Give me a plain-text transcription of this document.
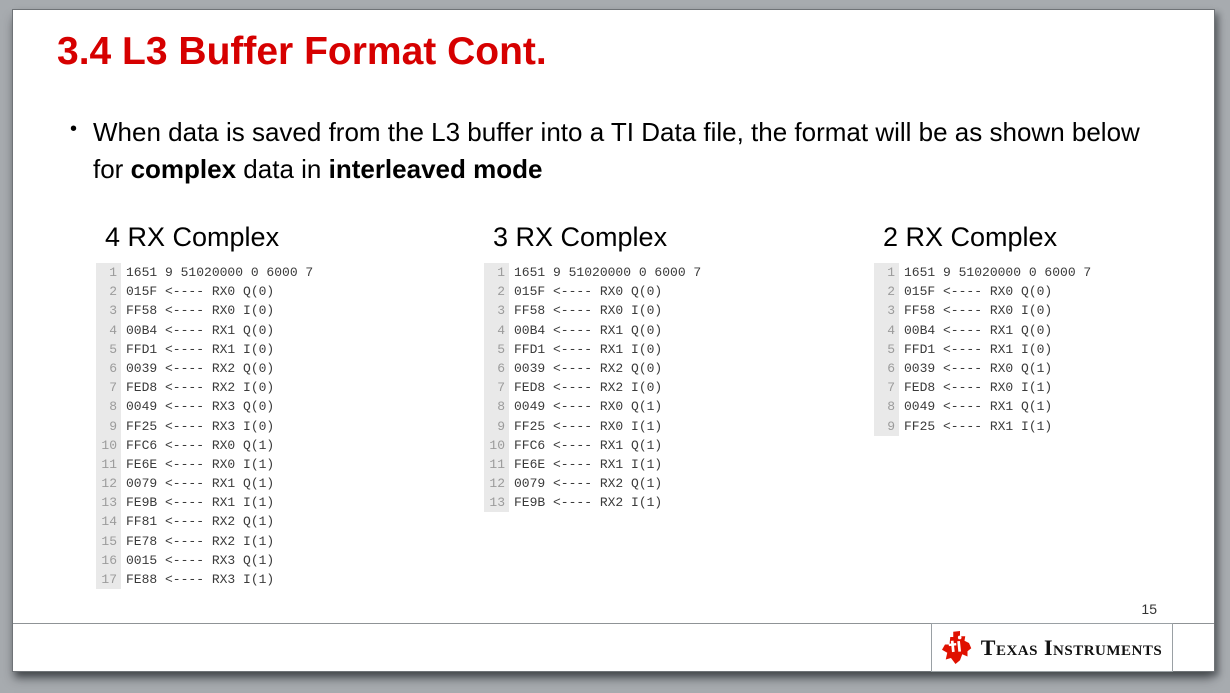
3.4 L3 Buffer Format Cont.
• When data is saved from the L3 buffer into a TI Data file, the format will be as shown below for complex data in interleaved mode

4 RX Complex
1 1651 9 51020000 0 6000 7
2 015F <---- RX0 Q(0)
3 FF58 <---- RX0 I(0)
4 00B4 <---- RX1 Q(0)
5 FFD1 <---- RX1 I(0)
6 0039 <---- RX2 Q(0)
7 FED8 <---- RX2 I(0)
8 0049 <---- RX3 Q(0)
9 FF25 <---- RX3 I(0)
10 FFC6 <---- RX0 Q(1)
11 FE6E <---- RX0 I(1)
12 0079 <---- RX1 Q(1)
13 FE9B <---- RX1 I(1)
14 FF81 <---- RX2 Q(1)
15 FE78 <---- RX2 I(1)
16 0015 <---- RX3 Q(1)
17 FE88 <---- RX3 I(1)
3 RX Complex
1 1651 9 51020000 0 6000 7
2 015F <---- RX0 Q(0)
3 FF58 <---- RX0 I(0)
4 00B4 <---- RX1 Q(0)
5 FFD1 <---- RX1 I(0)
6 0039 <---- RX2 Q(0)
7 FED8 <---- RX2 I(0)
8 0049 <---- RX0 Q(1)
9 FF25 <---- RX0 I(1)
10 FFC6 <---- RX1 Q(1)
11 FE6E <---- RX1 I(1)
12 0079 <---- RX2 Q(1)
13 FE9B <---- RX2 I(1)
2 RX Complex
1 1651 9 51020000 0 6000 7
2 015F <---- RX0 Q(0)
3 FF58 <---- RX0 I(0)
4 00B4 <---- RX1 Q(0)
5 FFD1 <---- RX1 I(0)
6 0039 <---- RX0 Q(1)
7 FED8 <---- RX0 I(1)
8 0049 <---- RX1 Q(1)
9 FF25 <---- RX1 I(1)
15
Texas Instruments
